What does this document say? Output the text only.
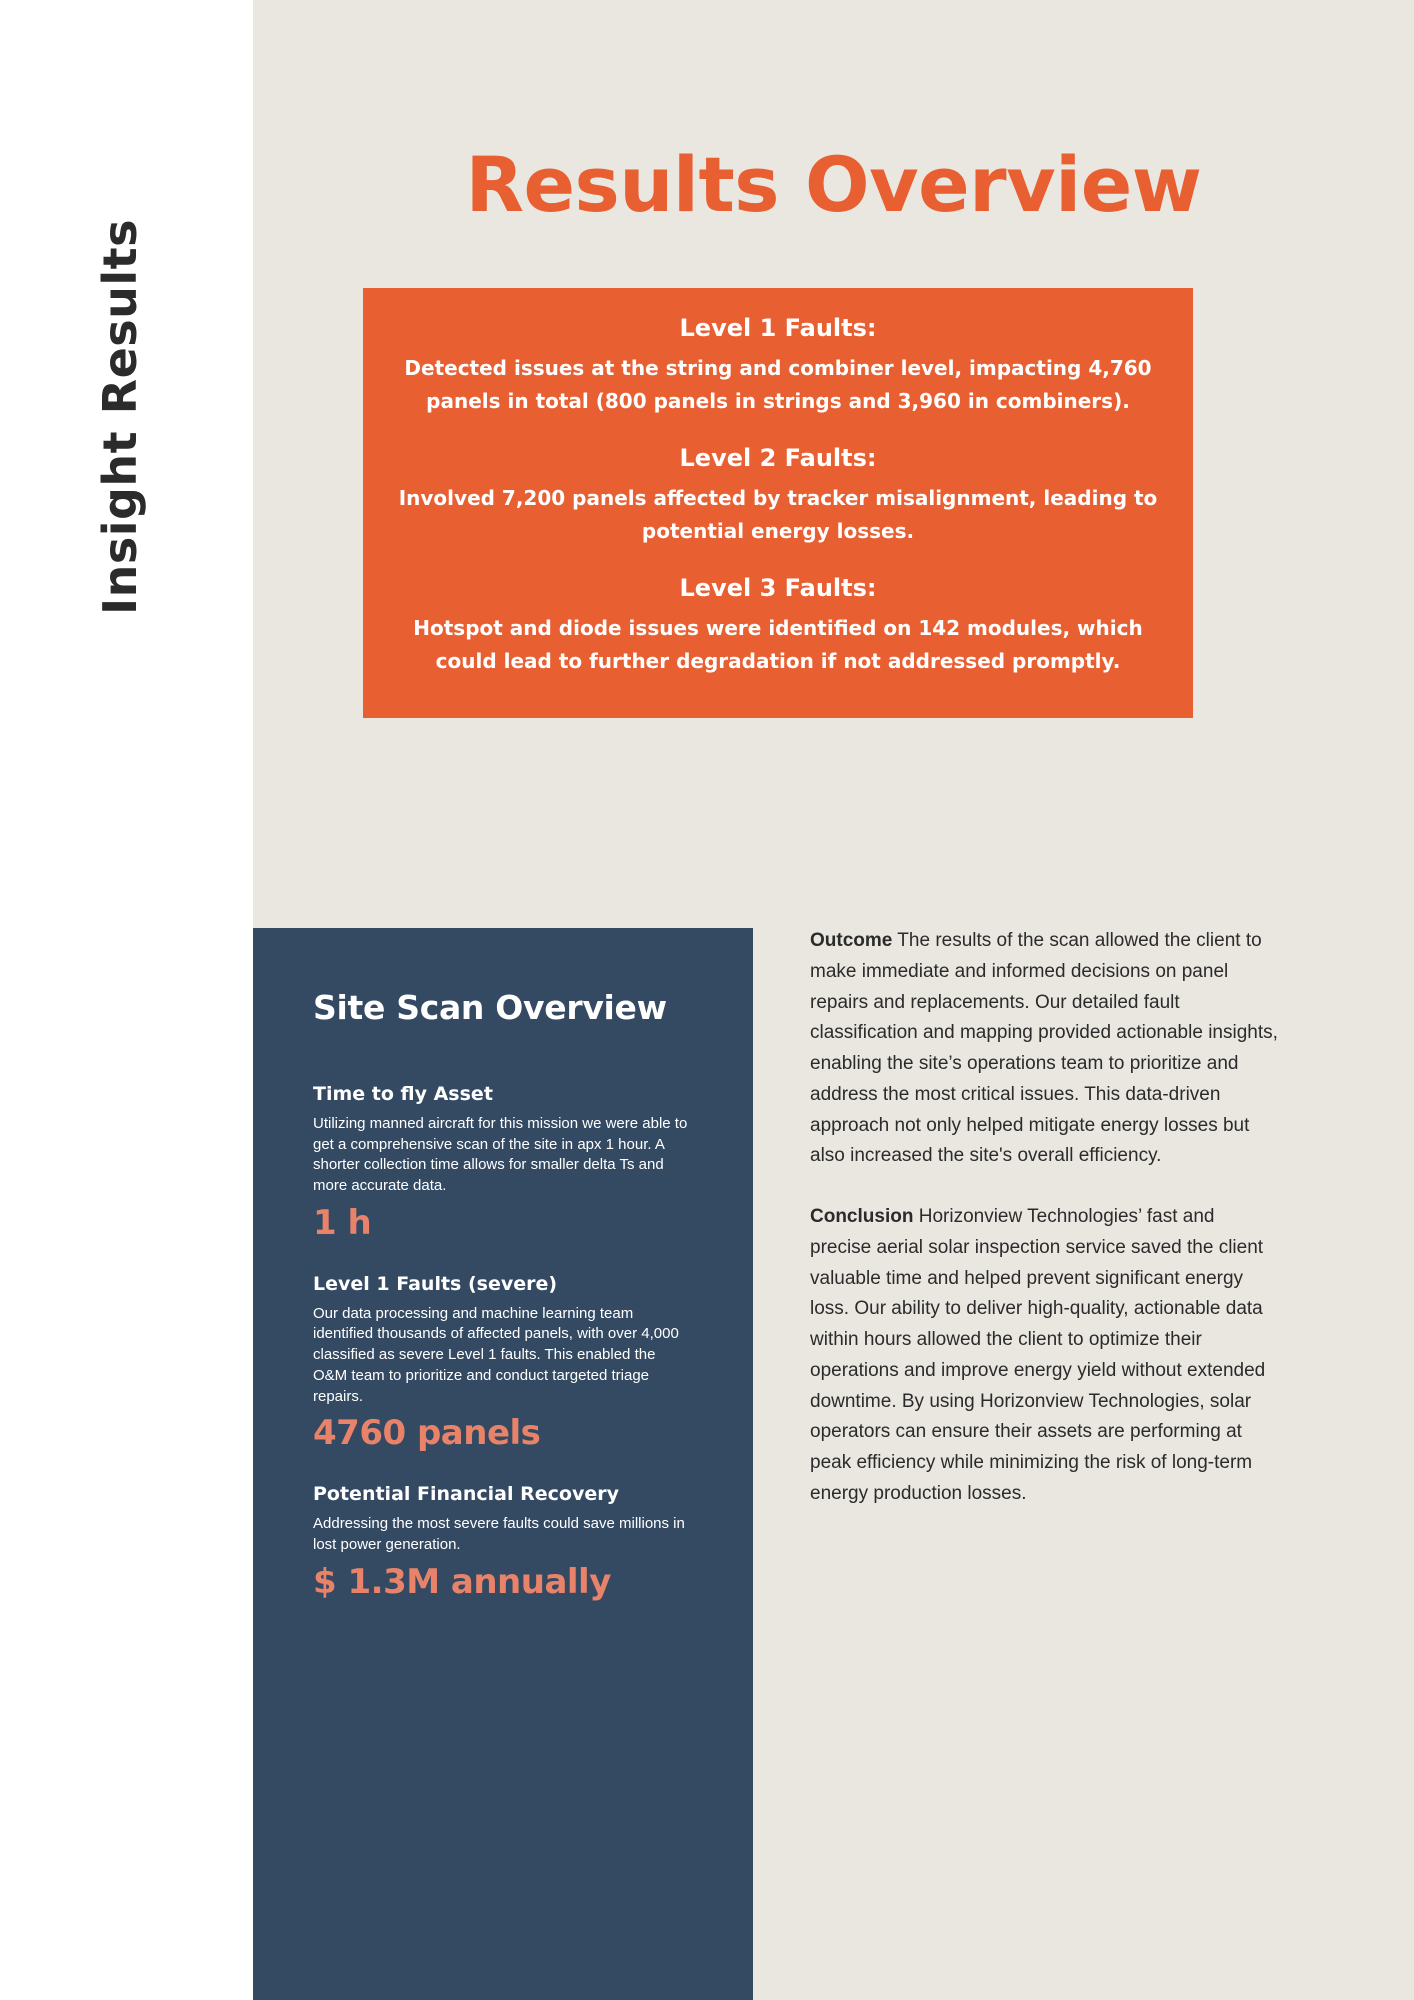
Insight Results
Results Overview
Level 1 Faults:
Detected issues at the string and combiner level, impacting 4,760 panels in total (800 panels in strings and 3,960 in combiners).
Level 2 Faults:
Involved 7,200 panels affected by tracker misalignment, leading to potential energy losses.
Level 3 Faults:
Hotspot and diode issues were identified on 142 modules, which could lead to further degradation if not addressed promptly.
Site Scan Overview
Time to fly Asset
Utilizing manned aircraft for this mission we were able to get a comprehensive scan of the site in apx 1 hour. A shorter collection time allows for smaller delta Ts and more accurate data.
1 h
Level 1 Faults (severe)
Our data processing and machine learning team identified thousands of affected panels, with over 4,000 classified as severe Level 1 faults. This enabled the O&M team to prioritize and conduct targeted triage repairs.
4760 panels
Potential Financial Recovery
Addressing the most severe faults could save millions in lost power generation.
$ 1.3M annually

Outcome The results of the scan allowed the client to make immediate and informed decisions on panel repairs and replacements. Our detailed fault classification and mapping provided actionable insights, enabling the site’s operations team to prioritize and address the most critical issues. This data-driven approach not only helped mitigate energy losses but also increased the site's overall efficiency.

Conclusion Horizonview Technologies’ fast and precise aerial solar inspection service saved the client valuable time and helped prevent significant energy loss. Our ability to deliver high-quality, actionable data within hours allowed the client to optimize their operations and improve energy yield without extended downtime. By using Horizonview Technologies, solar operators can ensure their assets are performing at peak efficiency while minimizing the risk of long-term energy production losses.
